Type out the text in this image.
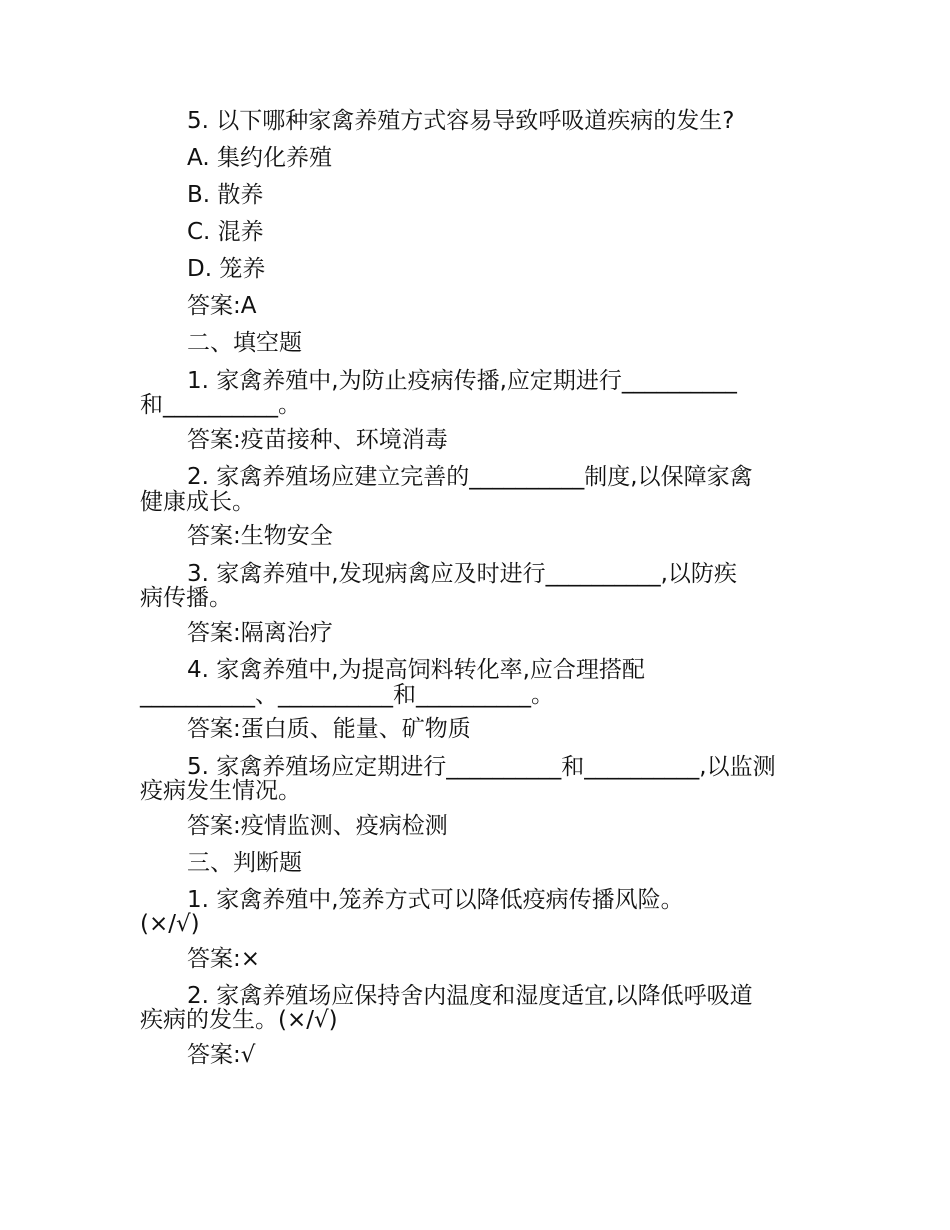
5. 以下哪种家禽养殖方式容易导致呼吸道疾病的发生?

A. 集约化养殖

B. 散养

C. 混养

D. 笼养

答案:A

二、填空题

1. 家禽养殖中,为防止疫病传播,应定期进行__________

和__________。

答案:疫苗接种、环境消毒

2. 家禽养殖场应建立完善的__________制度,以保障家禽

健康成长。

答案:生物安全

3. 家禽养殖中,发现病禽应及时进行__________,以防疾

病传播。

答案:隔离治疗

4. 家禽养殖中,为提高饲料转化率,应合理搭配

__________、__________和__________。

答案:蛋白质、能量、矿物质

5. 家禽养殖场应定期进行__________和__________,以监测

疫病发生情况。

答案:疫情监测、疫病检测

三、判断题

1. 家禽养殖中,笼养方式可以降低疫病传播风险。

(×/√)

答案:×

2. 家禽养殖场应保持舍内温度和湿度适宜,以降低呼吸道

疾病的发生。(×/√)

答案:√
